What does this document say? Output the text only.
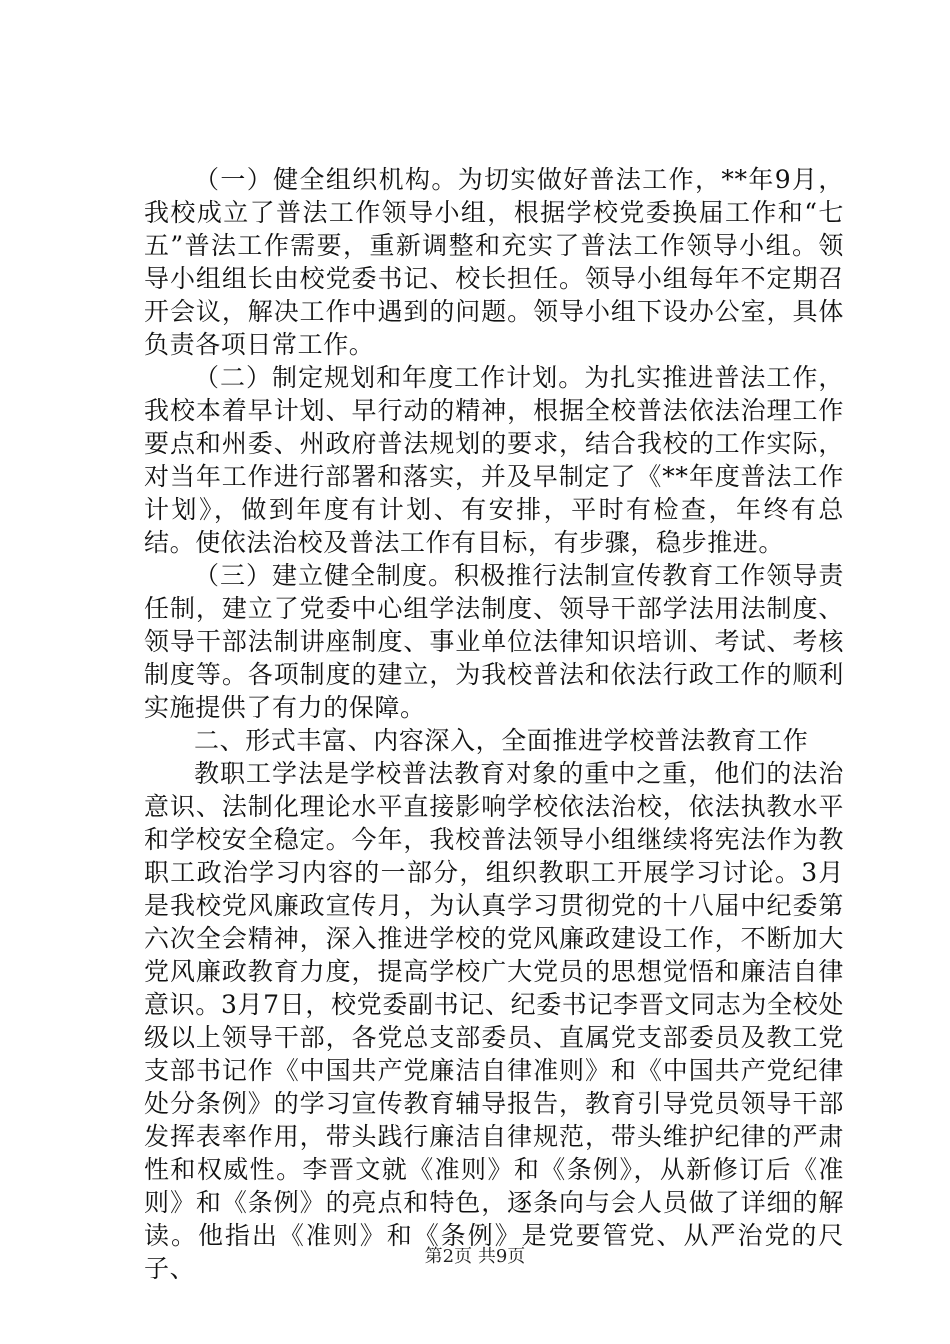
（一）健全组织机构。为切实做好普法工作，**年9月，我校成立了普法工作领导小组，根据学校党委换届工作和“七五”普法工作需要，重新调整和充实了普法工作领导小组。领导小组组长由校党委书记、校长担任。领导小组每年不定期召开会议，解决工作中遇到的问题。领导小组下设办公室，具体负责各项日常工作。

（二）制定规划和年度工作计划。为扎实推进普法工作，我校本着早计划、早行动的精神，根据全校普法依法治理工作要点和州委、州政府普法规划的要求，结合我校的工作实际，对当年工作进行部署和落实，并及早制定了《**年度普法工作计划》，做到年度有计划、有安排，平时有检查，年终有总结。使依法治校及普法工作有目标，有步骤，稳步推进。

（三）建立健全制度。积极推行法制宣传教育工作领导责任制，建立了党委中心组学法制度、领导干部学法用法制度、领导干部法制讲座制度、事业单位法律知识培训、考试、考核制度等。各项制度的建立，为我校普法和依法行政工作的顺利实施提供了有力的保障。

二、形式丰富、内容深入，全面推进学校普法教育工作

教职工学法是学校普法教育对象的重中之重，他们的法治意识、法制化理论水平直接影响学校依法治校，依法执教水平和学校安全稳定。今年，我校普法领导小组继续将宪法作为教职工政治学习内容的一部分，组织教职工开展学习讨论。3月是我校党风廉政宣传月，为认真学习贯彻党的十八届中纪委第六次全会精神，深入推进学校的党风廉政建设工作，不断加大党风廉政教育力度，提高学校广大党员的思想觉悟和廉洁自律意识。3月7日，校党委副书记、纪委书记李晋文同志为全校处级以上领导干部，各党总支部委员、直属党支部委员及教工党支部书记作《中国共产党廉洁自律准则》和《中国共产党纪律处分条例》的学习宣传教育辅导报告，教育引导党员领导干部发挥表率作用，带头践行廉洁自律规范，带头维护纪律的严肃性和权威性。李晋文就《准则》和《条例》，从新修订后《准则》和《条例》的亮点和特色，逐条向与会人员做了详细的解读。他指出《准则》和《条例》是党要管党、从严治党的尺子、	第2页 共9页
